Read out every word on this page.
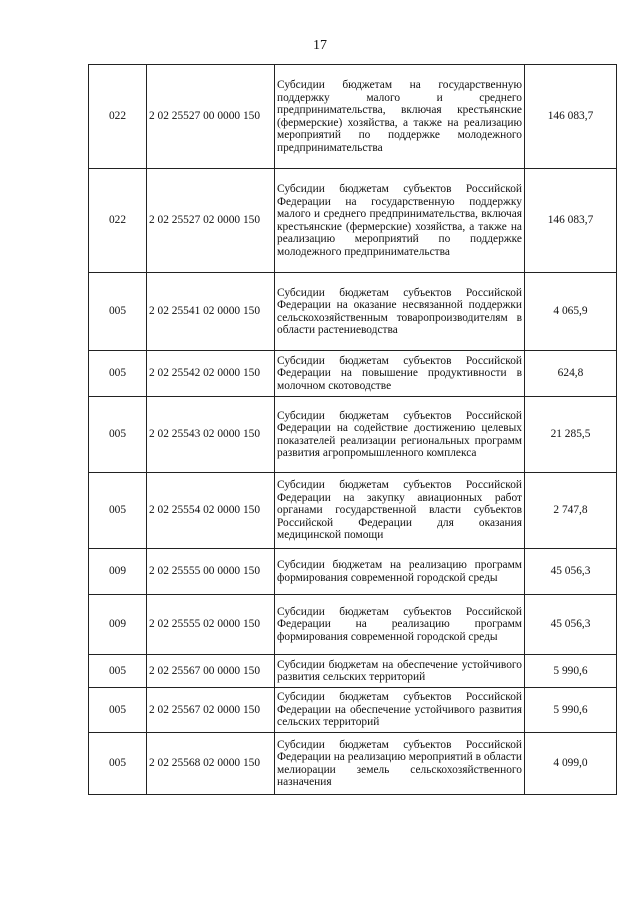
17
022	2 02 25527 00 0000 150	Субсидии бюджетам на государственную поддержку малого и среднего предпринимательства, включая крестьянские (фермерские) хозяйства, а также на реализацию мероприятий по поддержке молодежного предпринимательства	146 083,7
022	2 02 25527 02 0000 150	Субсидии бюджетам субъектов Российской Федерации на государственную поддержку малого и среднего предпринимательства, включая крестьянские (фермерские) хозяйства, а также на реализацию мероприятий по поддержке молодежного предпринимательства	146 083,7
005	2 02 25541 02 0000 150	Субсидии бюджетам субъектов Российской Федерации на оказание несвязанной поддержки сельскохозяйственным товаропроизводителям в области растениеводства	4 065,9
005	2 02 25542 02 0000 150	Субсидии бюджетам субъектов Российской Федерации на повышение продуктивности в молочном скотоводстве	624,8
005	2 02 25543 02 0000 150	Субсидии бюджетам субъектов Российской Федерации на содействие достижению целевых показателей реализации региональных программ развития агропромышленного комплекса	21 285,5
005	2 02 25554 02 0000 150	Субсидии бюджетам субъектов Российской Федерации на закупку авиационных работ органами государственной власти субъектов Российской Федерации для оказания медицинской помощи	2 747,8
009	2 02 25555 00 0000 150	Субсидии бюджетам на реализацию программ формирования современной городской среды	45 056,3
009	2 02 25555 02 0000 150	Субсидии бюджетам субъектов Российской Федерации на реализацию программ формирования современной городской среды	45 056,3
005	2 02 25567 00 0000 150	Субсидии бюджетам на обеспечение устойчивого развития сельских территорий	5 990,6
005	2 02 25567 02 0000 150	Субсидии бюджетам субъектов Российской Федерации на обеспечение устойчивого развития сельских территорий	5 990,6
005	2 02 25568 02 0000 150	Субсидии бюджетам субъектов Российской Федерации на реализацию мероприятий в области мелиорации земель сельскохозяйственного назначения	4 099,0
